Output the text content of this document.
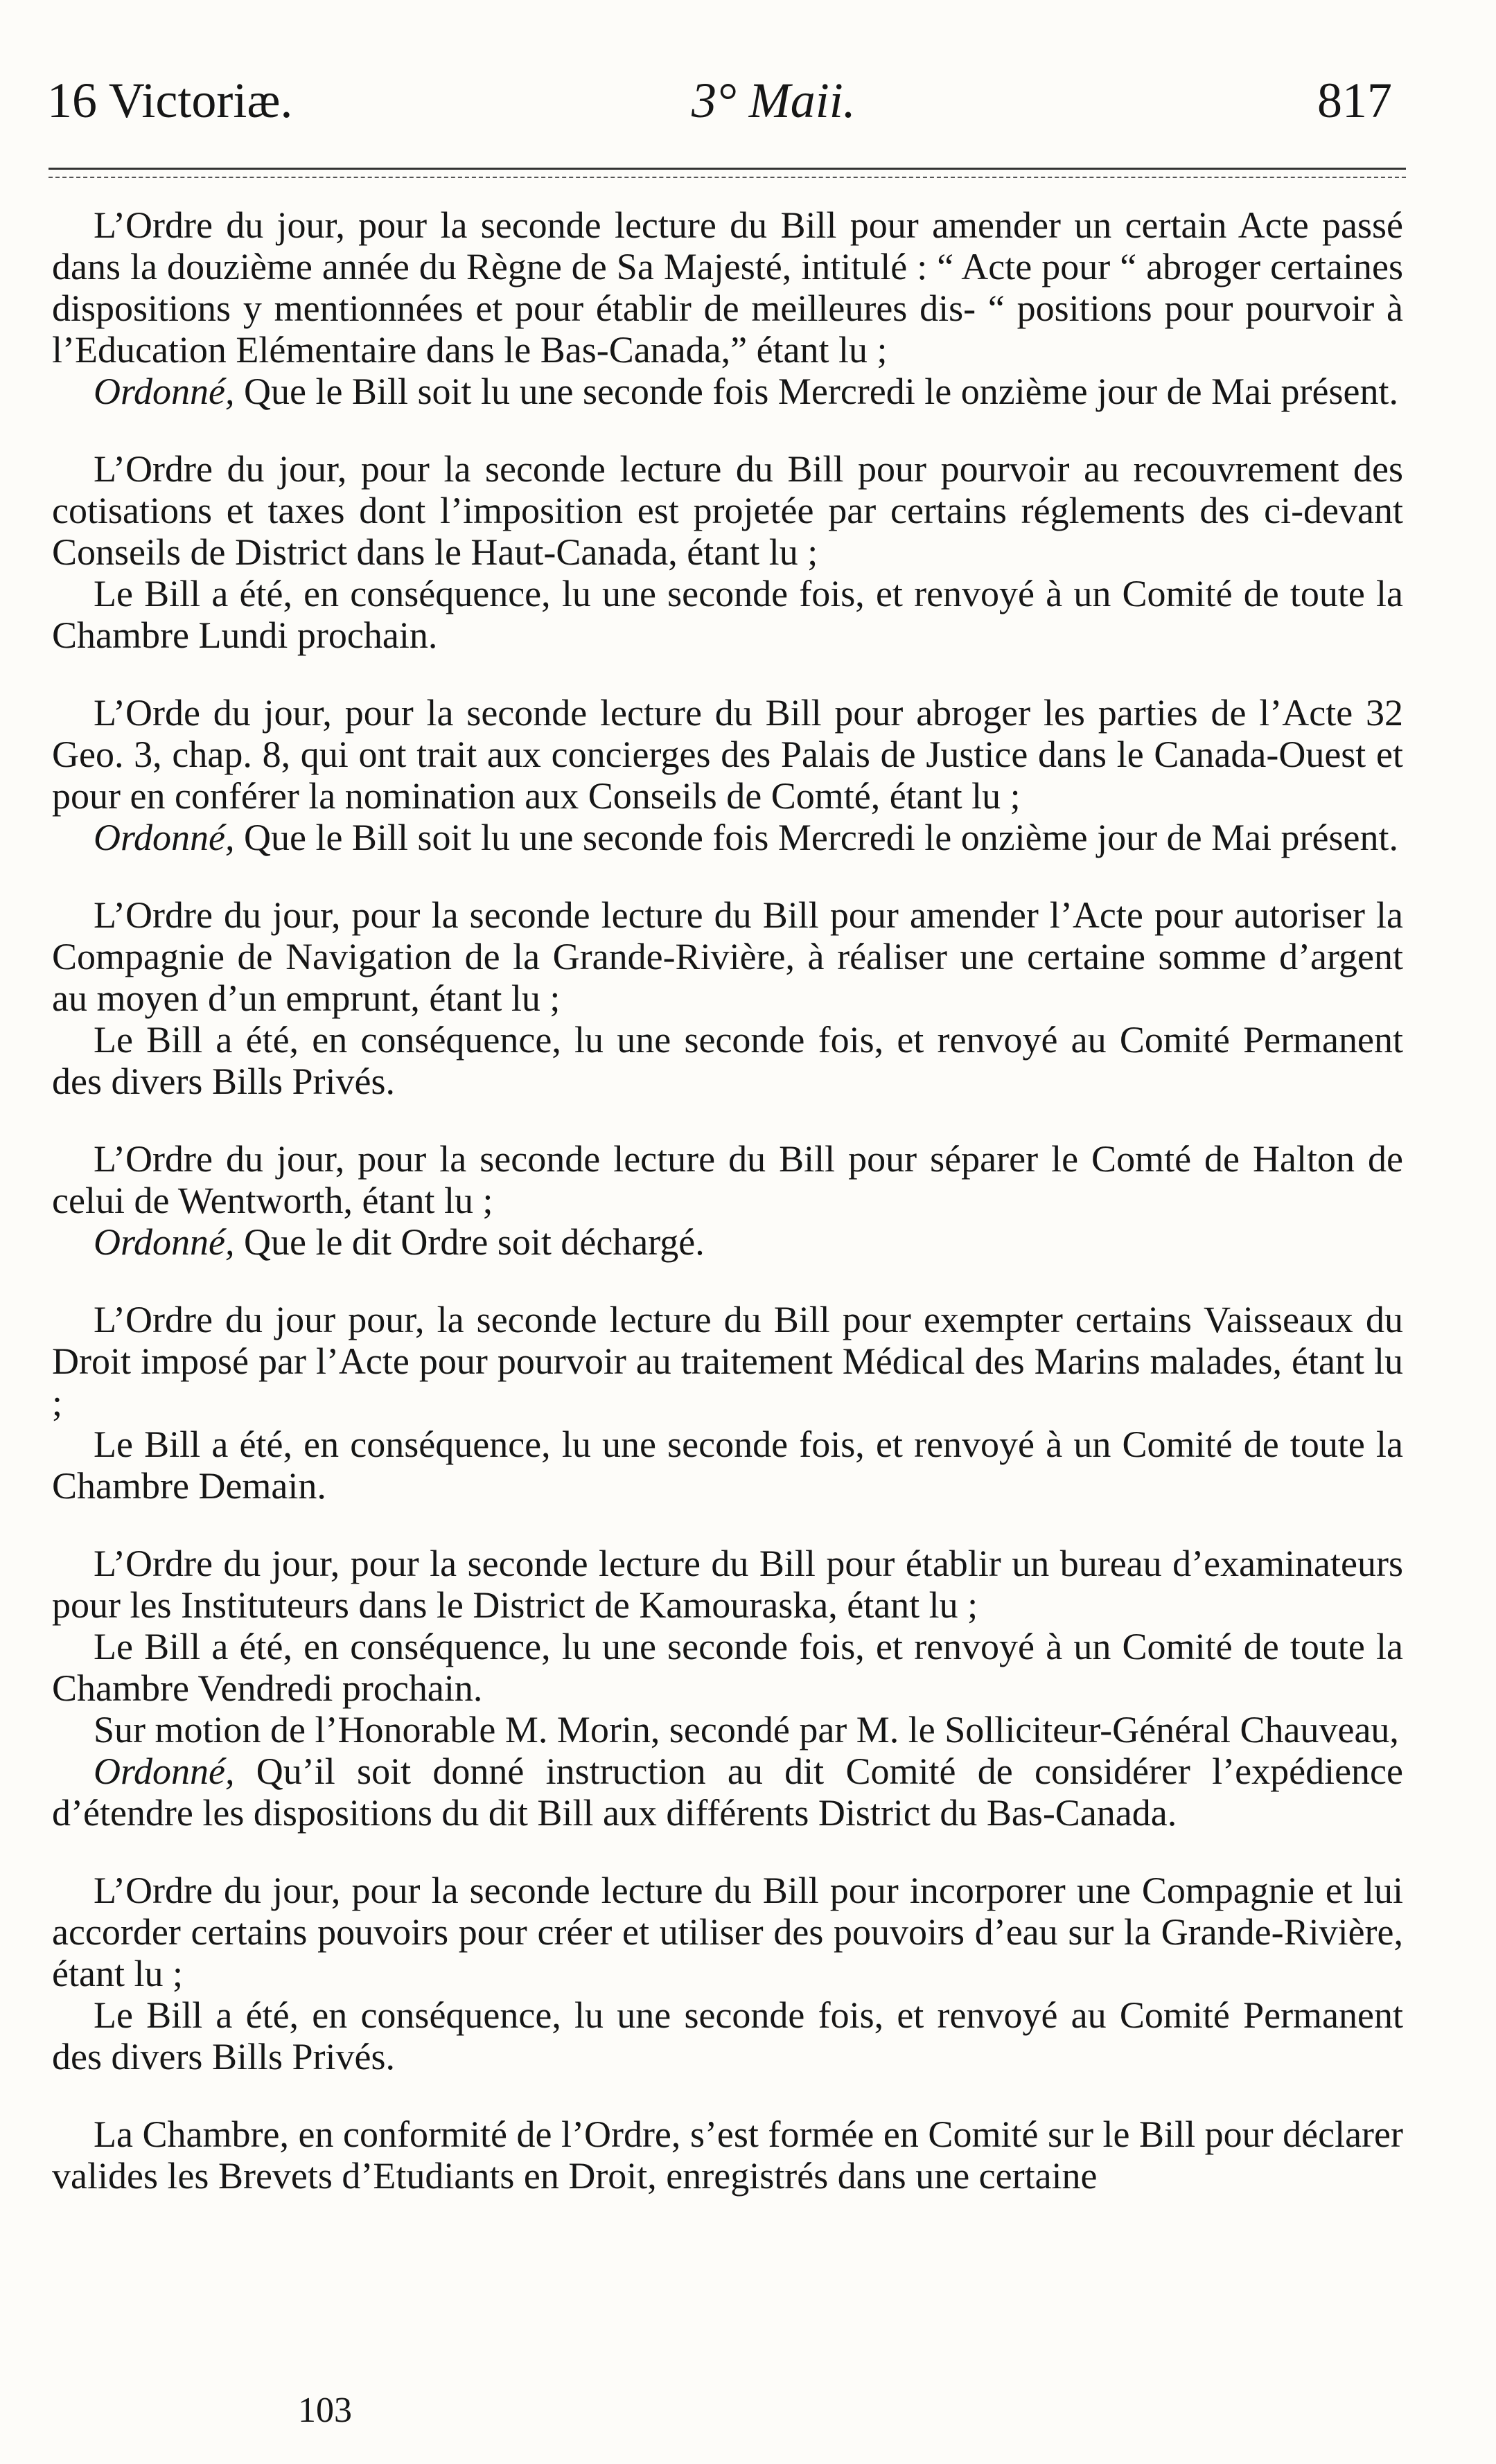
16 Victoriæ.	3° Maii.	817
L’Ordre du jour, pour la seconde lecture du Bill pour amender un certain Acte passé dans la douzième année du Règne de Sa Majesté, intitulé : “ Acte pour “ abroger certaines dispositions y mentionnées et pour établir de meilleures dis- “ positions pour pourvoir à l’Education Elémentaire dans le Bas-Canada,” étant lu ;
Ordonné, Que le Bill soit lu une seconde fois Mercredi le onzième jour de Mai présent.
L’Ordre du jour, pour la seconde lecture du Bill pour pourvoir au recouvrement des cotisations et taxes dont l’imposition est projetée par certains réglements des ci-devant Conseils de District dans le Haut-Canada, étant lu ;
Le Bill a été, en conséquence, lu une seconde fois, et renvoyé à un Comité de toute la Chambre Lundi prochain.
L’Orde du jour, pour la seconde lecture du Bill pour abroger les parties de l’Acte 32 Geo. 3, chap. 8, qui ont trait aux concierges des Palais de Justice dans le Canada-Ouest et pour en conférer la nomination aux Conseils de Comté, étant lu ;
Ordonné, Que le Bill soit lu une seconde fois Mercredi le onzième jour de Mai présent.
L’Ordre du jour, pour la seconde lecture du Bill pour amender l’Acte pour autoriser la Compagnie de Navigation de la Grande-Rivière, à réaliser une certaine somme d’argent au moyen d’un emprunt, étant lu ;
Le Bill a été, en conséquence, lu une seconde fois, et renvoyé au Comité Permanent des divers Bills Privés.
L’Ordre du jour, pour la seconde lecture du Bill pour séparer le Comté de Halton de celui de Wentworth, étant lu ;
Ordonné, Que le dit Ordre soit déchargé.
L’Ordre du jour pour, la seconde lecture du Bill pour exempter certains Vaisseaux du Droit imposé par l’Acte pour pourvoir au traitement Médical des Marins malades, étant lu ;
Le Bill a été, en conséquence, lu une seconde fois, et renvoyé à un Comité de toute la Chambre Demain.
L’Ordre du jour, pour la seconde lecture du Bill pour établir un bureau d’examinateurs pour les Instituteurs dans le District de Kamouraska, étant lu ;
Le Bill a été, en conséquence, lu une seconde fois, et renvoyé à un Comité de toute la Chambre Vendredi prochain.
Sur motion de l’Honorable M. Morin, secondé par M. le Solliciteur-Général Chauveau,
Ordonné, Qu’il soit donné instruction au dit Comité de considérer l’expédience d’étendre les dispositions du dit Bill aux différents District du Bas-Canada.
L’Ordre du jour, pour la seconde lecture du Bill pour incorporer une Compagnie et lui accorder certains pouvoirs pour créer et utiliser des pouvoirs d’eau sur la Grande-Rivière, étant lu ;
Le Bill a été, en conséquence, lu une seconde fois, et renvoyé au Comité Permanent des divers Bills Privés.
La Chambre, en conformité de l’Ordre, s’est formée en Comité sur le Bill pour déclarer valides les Brevets d’Etudiants en Droit, enregistrés dans une certaine
103
